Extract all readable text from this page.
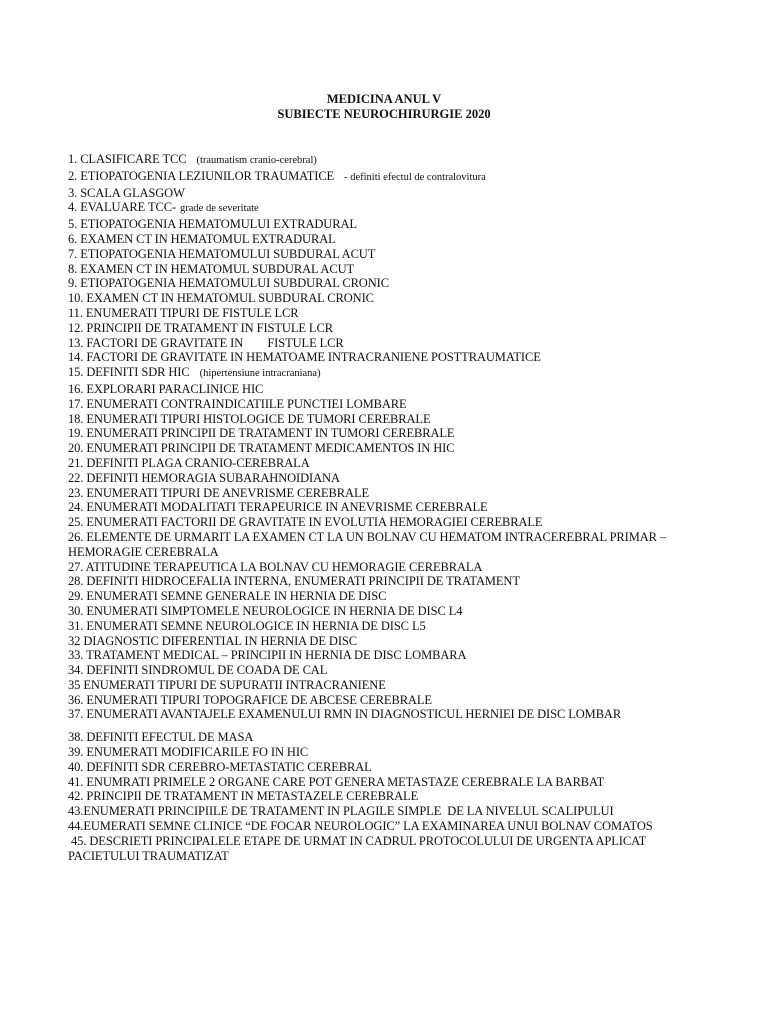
MEDICINA ANUL V
SUBIECTE NEUROCHIRURGIE 2020
1. CLASIFICARE TCC (traumatism cranio-cerebral)
2. ETIOPATOGENIA LEZIUNILOR TRAUMATICE - definiti efectul de contralovitura
3. SCALA GLASGOW
4. EVALUARE TCC- grade de severitate
5. ETIOPATOGENIA HEMATOMULUI EXTRADURAL
6. EXAMEN CT IN HEMATOMUL EXTRADURAL
7. ETIOPATOGENIA HEMATOMULUI SUBDURAL ACUT
8. EXAMEN CT IN HEMATOMUL SUBDURAL ACUT
9. ETIOPATOGENIA HEMATOMULUI SUBDURAL CRONIC
10. EXAMEN CT IN HEMATOMUL SUBDURAL CRONIC
11. ENUMERATI TIPURI DE FISTULE LCR
12. PRINCIPII DE TRATAMENT IN FISTULE LCR
13. FACTORI DE GRAVITATE IN        FISTULE LCR
14. FACTORI DE GRAVITATE IN HEMATOAME INTRACRANIENE POSTTRAUMATICE
15. DEFINITI SDR HIC (hipertensiune intracraniana)
16. EXPLORARI PARACLINICE HIC
17. ENUMERATI CONTRAINDICATIILE PUNCTIEI LOMBARE
18. ENUMERATI TIPURI HISTOLOGICE DE TUMORI CEREBRALE
19. ENUMERATI PRINCIPII DE TRATAMENT IN TUMORI CEREBRALE
20. ENUMERATI PRINCIPII DE TRATAMENT MEDICAMENTOS IN HIC
21. DEFINITI PLAGA CRANIO-CEREBRALA
22. DEFINITI HEMORAGIA SUBARAHNOIDIANA
23. ENUMERATI TIPURI DE ANEVRISME CEREBRALE
24. ENUMERATI MODALITATI TERAPEURICE IN ANEVRISME CEREBRALE
25. ENUMERATI FACTORII DE GRAVITATE IN EVOLUTIA HEMORAGIEI CEREBRALE
26. ELEMENTE DE URMARIT LA EXAMEN CT LA UN BOLNAV CU HEMATOM INTRACEREBRAL PRIMAR –
HEMORAGIE CEREBRALA
27. ATITUDINE TERAPEUTICA LA BOLNAV CU HEMORAGIE CEREBRALA
28. DEFINITI HIDROCEFALIA INTERNA, ENUMERATI PRINCIPII DE TRATAMENT
29. ENUMERATI SEMNE GENERALE IN HERNIA DE DISC
30. ENUMERATI SIMPTOMELE NEUROLOGICE IN HERNIA DE DISC L4
31. ENUMERATI SEMNE NEUROLOGICE IN HERNIA DE DISC L5
32 DIAGNOSTIC DIFERENTIAL IN HERNIA DE DISC
33. TRATAMENT MEDICAL – PRINCIPII IN HERNIA DE DISC LOMBARA
34. DEFINITI SINDROMUL DE COADA DE CAL
35 ENUMERATI TIPURI DE SUPURATII INTRACRANIENE
36. ENUMERATI TIPURI TOPOGRAFICE DE ABCESE CEREBRALE
37. ENUMERATI AVANTAJELE EXAMENULUI RMN IN DIAGNOSTICUL HERNIEI DE DISC LOMBAR
38. DEFINITI EFECTUL DE MASA
39. ENUMERATI MODIFICARILE FO IN HIC
40. DEFINITI SDR CEREBRO-METASTATIC CEREBRAL
41. ENUMRATI PRIMELE 2 ORGANE CARE POT GENERA METASTAZE CEREBRALE LA BARBAT
42. PRINCIPII DE TRATAMENT IN METASTAZELE CEREBRALE
43.ENUMERATI PRINCIPIILE DE TRATAMENT IN PLAGILE SIMPLE  DE LA NIVELUL SCALIPULUI
44.EUMERATI SEMNE CLINICE “DE FOCAR NEUROLOGIC” LA EXAMINAREA UNUI BOLNAV COMATOS
45. DESCRIETI PRINCIPALELE ETAPE DE URMAT IN CADRUL PROTOCOLULUI DE URGENTA APLICAT
PACIETULUI TRAUMATIZAT
